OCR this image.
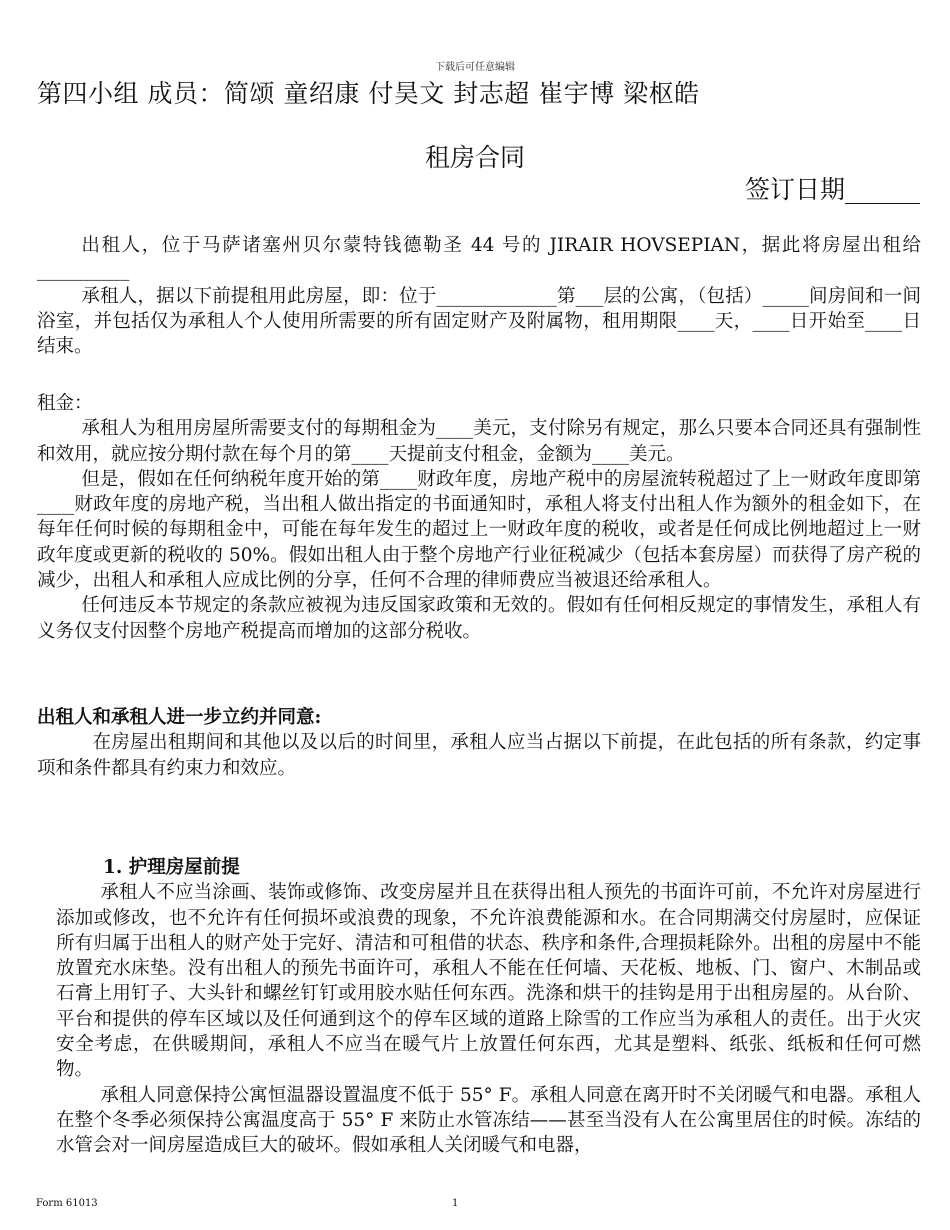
下载后可任意编辑
第四小组 成员：简颂 童绍康 付昊文 封志超 崔宇博 梁枢皓
租房合同
签订日期______

出租人，位于马萨诸塞州贝尔蒙特钱德勒圣 44 号的 JIRAIR HOVSEPIAN，据此将房屋出租给__________

承租人，据以下前提租用此房屋，即：位于_____________第___层的公寓，（包括）_____间房间和一间浴室，并包括仅为承租人个人使用所需要的所有固定财产及附属物，租用期限____天，____日开始至____日结束。

租金：

承租人为租用房屋所需要支付的每期租金为____美元，支付除另有规定，那么只要本合同还具有强制性和效用，就应按分期付款在每个月的第____天提前支付租金，金额为____美元。

但是，假如在任何纳税年度开始的第____财政年度，房地产税中的房屋流转税超过了上一财政年度即第____财政年度的房地产税，当出租人做出指定的书面通知时，承租人将支付出租人作为额外的租金如下，在每年任何时候的每期租金中，可能在每年发生的超过上一财政年度的税收，或者是任何成比例地超过上一财政年度或更新的税收的 50%。假如出租人由于整个房地产行业征税减少（包括本套房屋）而获得了房产税的减少，出租人和承租人应成比例的分享，任何不合理的律师费应当被退还给承租人。

任何违反本节规定的条款应被视为违反国家政策和无效的。假如有任何相反规定的事情发生，承租人有义务仅支付因整个房地产税提高而增加的这部分税收。

出租人和承租人进一步立约并同意:

在房屋出租期间和其他以及以后的时间里，承租人应当占据以下前提，在此包括的所有条款，约定事项和条件都具有约束力和效应。

1. 护理房屋前提

承租人不应当涂画、装饰或修饰、改变房屋并且在获得出租人预先的书面许可前，不允许对房屋进行添加或修改，也不允许有任何损坏或浪费的现象，不允许浪费能源和水。在合同期满交付房屋时，应保证所有归属于出租人的财产处于完好、清洁和可租借的状态、秩序和条件,合理损耗除外。出租的房屋中不能放置充水床垫。没有出租人的预先书面许可，承租人不能在任何墙、天花板、地板、门、窗户、木制品或石膏上用钉子、大头针和螺丝钉钉或用胶水贴任何东西。洗涤和烘干的挂钩是用于出租房屋的。从台阶、平台和提供的停车区域以及任何通到这个的停车区域的道路上除雪的工作应当为承租人的责任。出于火灾安全考虑，在供暖期间，承租人不应当在暖气片上放置任何东西，尤其是塑料、纸张、纸板和任何可燃物。

承租人同意保持公寓恒温器设置温度不低于 55° F。承租人同意在离开时不关闭暖气和电器。承租人在整个冬季必须保持公寓温度高于 55° F 来防止水管冻结——甚至当没有人在公寓里居住的时候。冻结的水管会对一间房屋造成巨大的破坏。假如承租人关闭暖气和电器，

Form 61013	1
